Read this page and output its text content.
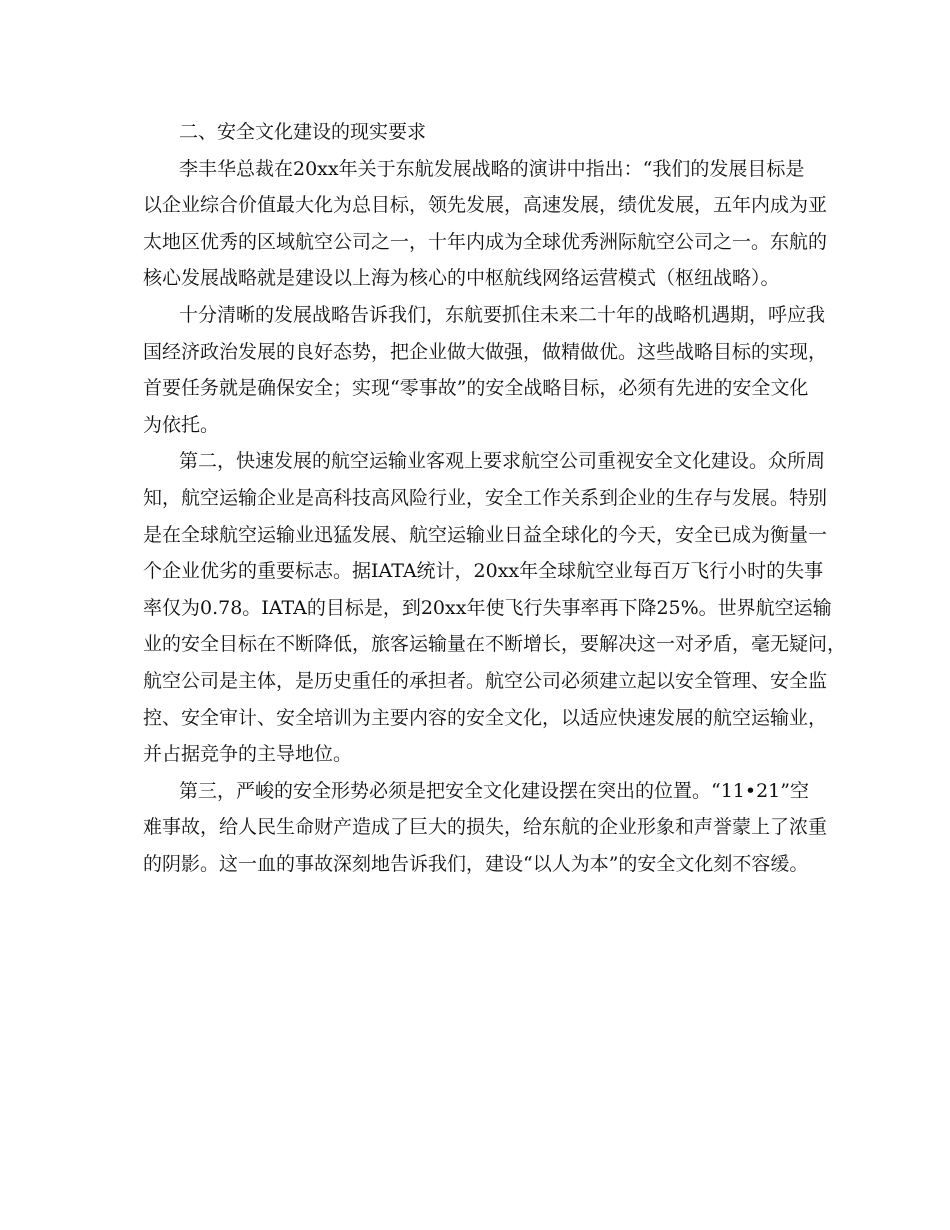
二、安全文化建设的现实要求
李丰华总裁在20xx年关于东航发展战略的演讲中指出：“我们的发展目标是
以企业综合价值最大化为总目标，领先发展，高速发展，绩优发展，五年内成为亚
太地区优秀的区域航空公司之一，十年内成为全球优秀洲际航空公司之一。东航的
核心发展战略就是建设以上海为核心的中枢航线网络运营模式（枢纽战略）。
十分清晰的发展战略告诉我们，东航要抓住未来二十年的战略机遇期，呼应我
国经济政治发展的良好态势，把企业做大做强，做精做优。这些战略目标的实现，
首要任务就是确保安全；实现“零事故”的安全战略目标，必须有先进的安全文化
为依托。
第二，快速发展的航空运输业客观上要求航空公司重视安全文化建设。众所周
知，航空运输企业是高科技高风险行业，安全工作关系到企业的生存与发展。特别
是在全球航空运输业迅猛发展、航空运输业日益全球化的今天，安全已成为衡量一
个企业优劣的重要标志。据IATA统计，20xx年全球航空业每百万飞行小时的失事
率仅为0.78。IATA的目标是，到20xx年使飞行失事率再下降25%。世界航空运输
业的安全目标在不断降低，旅客运输量在不断增长，要解决这一对矛盾，毫无疑问，
航空公司是主体，是历史重任的承担者。航空公司必须建立起以安全管理、安全监
控、安全审计、安全培训为主要内容的安全文化，以适应快速发展的航空运输业，
并占据竞争的主导地位。
第三，严峻的安全形势必须是把安全文化建设摆在突出的位置。“11•21”空
难事故，给人民生命财产造成了巨大的损失，给东航的企业形象和声誉蒙上了浓重
的阴影。这一血的事故深刻地告诉我们，建设“以人为本”的安全文化刻不容缓。
